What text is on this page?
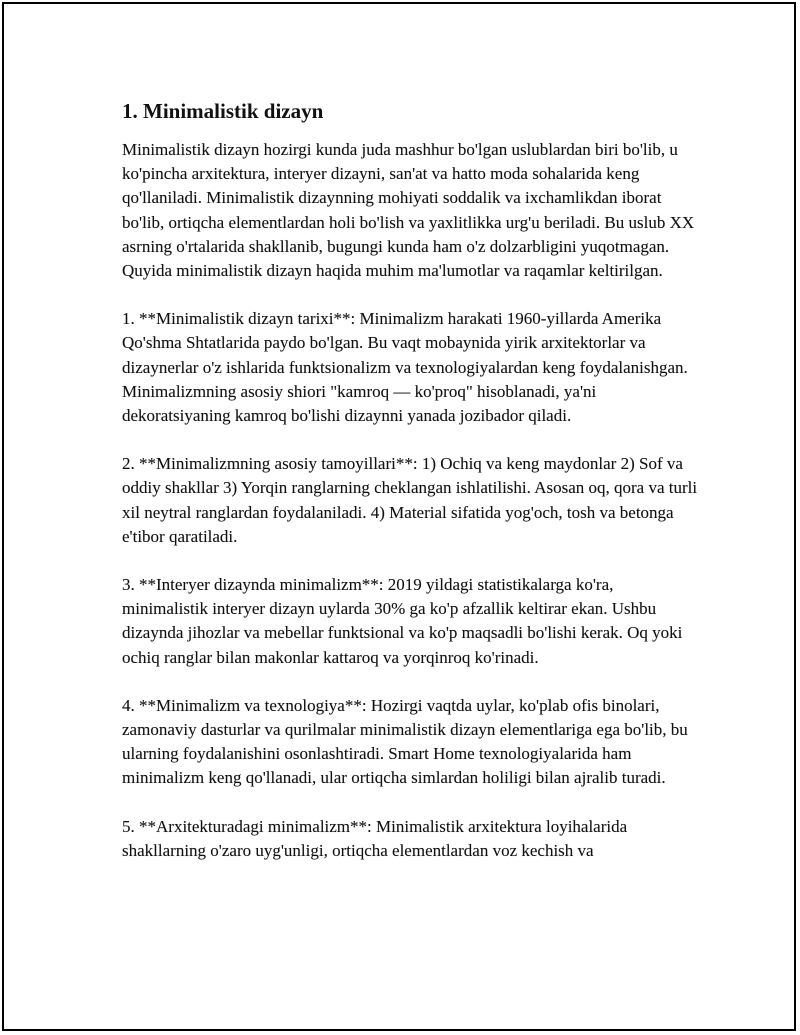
1. Minimalistik dizayn

Minimalistik dizayn hozirgi kunda juda mashhur bo'lgan uslublardan biri bo'lib, u ko'pincha arxitektura, interyer dizayni, san'at va hatto moda sohalarida keng qo'llaniladi. Minimalistik dizaynning mohiyati soddalik va ixchamlikdan iborat bo'lib, ortiqcha elementlardan holi bo'lish va yaxlitlikka urg'u beriladi. Bu uslub XX asrning o'rtalarida shakllanib, bugungi kunda ham o'z dolzarbligini yuqotmagan. Quyida minimalistik dizayn haqida muhim ma'lumotlar va raqamlar keltirilgan.

1. **Minimalistik dizayn tarixi**: Minimalizm harakati 1960-yillarda Amerika Qo'shma Shtatlarida paydo bo'lgan. Bu vaqt mobaynida yirik arxitektorlar va dizaynerlar o'z ishlarida funktsionalizm va texnologiyalardan keng foydalanishgan. Minimalizmning asosiy shiori "kamroq — ko'proq" hisoblanadi, ya'ni dekoratsiyaning kamroq bo'lishi dizaynni yanada jozibador qiladi.

2. **Minimalizmning asosiy tamoyillari**: 1) Ochiq va keng maydonlar 2) Sof va oddiy shakllar 3) Yorqin ranglarning cheklangan ishlatilishi. Asosan oq, qora va turli xil neytral ranglardan foydalaniladi. 4) Material sifatida yog'och, tosh va betonga e'tibor qaratiladi.

3. **Interyer dizaynda minimalizm**: 2019 yildagi statistikalarga ko'ra, minimalistik interyer dizayn uylarda 30% ga ko'p afzallik keltirar ekan. Ushbu dizaynda jihozlar va mebellar funktsional va ko'p maqsadli bo'lishi kerak. Oq yoki ochiq ranglar bilan makonlar kattaroq va yorqinroq ko'rinadi.

4. **Minimalizm va texnologiya**: Hozirgi vaqtda uylar, ko'plab ofis binolari, zamonaviy dasturlar va qurilmalar minimalistik dizayn elementlariga ega bo'lib, bu ularning foydalanishini osonlashtiradi. Smart Home texnologiyalarida ham minimalizm keng qo'llanadi, ular ortiqcha simlardan holiligi bilan ajralib turadi.

5. **Arxitekturadagi minimalizm**: Minimalistik arxitektura loyihalarida shakllarning o'zaro uyg'unligi, ortiqcha elementlardan voz kechish va
